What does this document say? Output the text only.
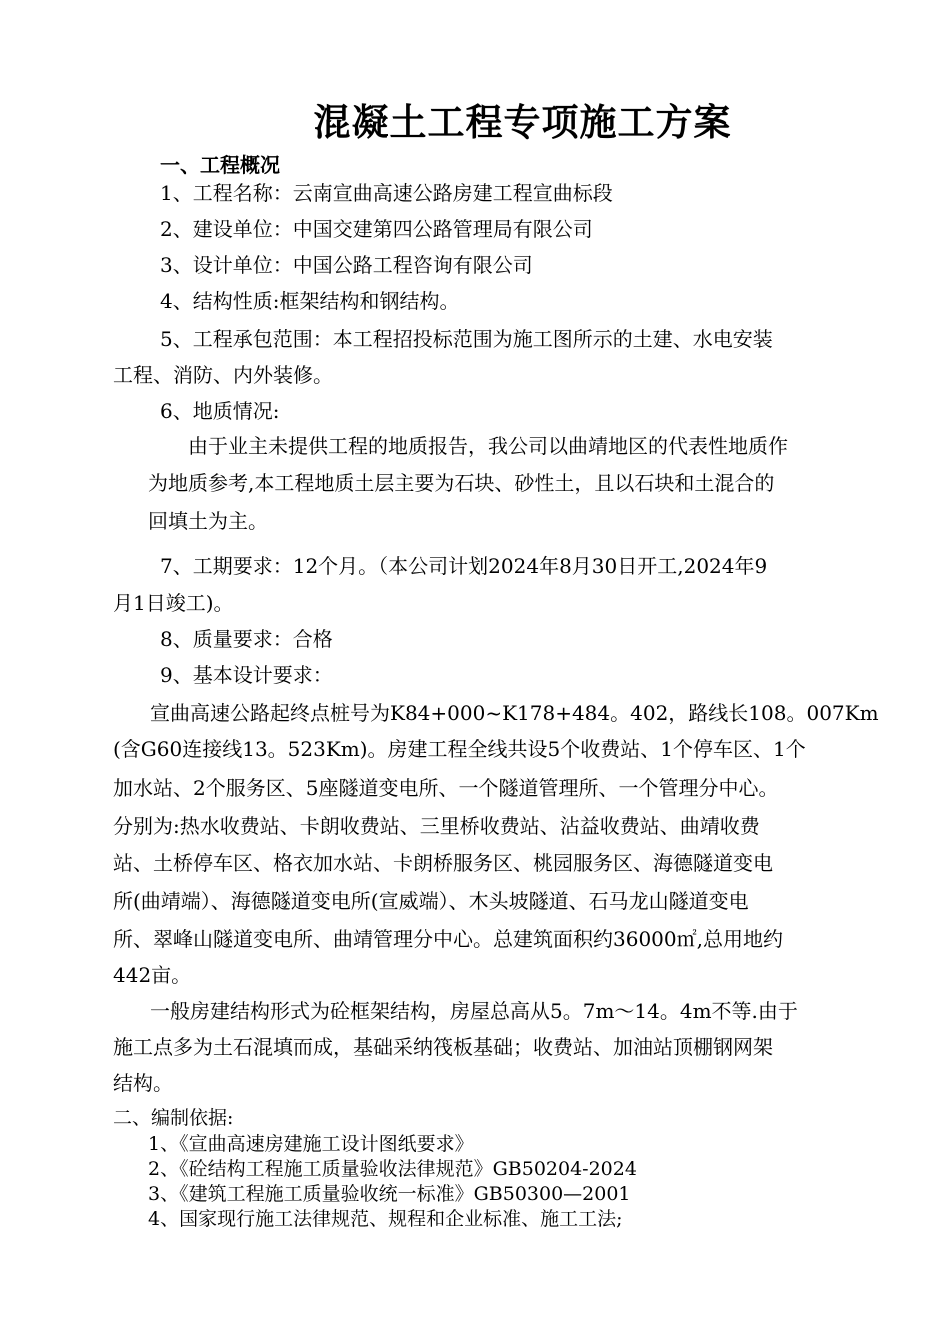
混凝土工程专项施工方案
一、工程概况
1、工程名称：云南宣曲高速公路房建工程宣曲标段
2、建设单位：中国交建第四公路管理局有限公司
3、设计单位：中国公路工程咨询有限公司
4、结构性质:框架结构和钢结构。
5、工程承包范围：本工程招投标范围为施工图所示的土建、水电安装
工程、消防、内外装修。
6、地质情况:
由于业主未提供工程的地质报告，我公司以曲靖地区的代表性地质作
为地质参考,本工程地质土层主要为石块、砂性土，且以石块和土混合的
回填土为主。
7、工期要求：12个月。（本公司计划2024年8月30日开工,2024年9
月1日竣工)。
8、质量要求：合格
9、基本设计要求：
宣曲高速公路起终点桩号为K84+000~K178+484。402，路线长108。007Km
(含G60连接线13。523Km)。房建工程全线共设5个收费站、1个停车区、1个
加水站、2个服务区、5座隧道变电所、一个隧道管理所、一个管理分中心。
分别为:热水收费站、卡朗收费站、三里桥收费站、沾益收费站、曲靖收费
站、土桥停车区、格衣加水站、卡朗桥服务区、桃园服务区、海德隧道变电
所(曲靖端）、海德隧道变电所(宣威端）、木头坡隧道、石马龙山隧道变电
所、翠峰山隧道变电所、曲靖管理分中心。总建筑面积约36000㎡,总用地约
442亩。
一般房建结构形式为砼框架结构，房屋总高从5。7m～14。4m不等.由于
施工点多为土石混填而成，基础采纳筏板基础；收费站、加油站顶棚钢网架
结构。
二、编制依据:
1、《宣曲高速房建施工设计图纸要求》
2、《砼结构工程施工质量验收法律规范》GB50204-2024
3、《建筑工程施工质量验收统一标准》GB50300—2001
4、国家现行施工法律规范、规程和企业标准、施工工法;
